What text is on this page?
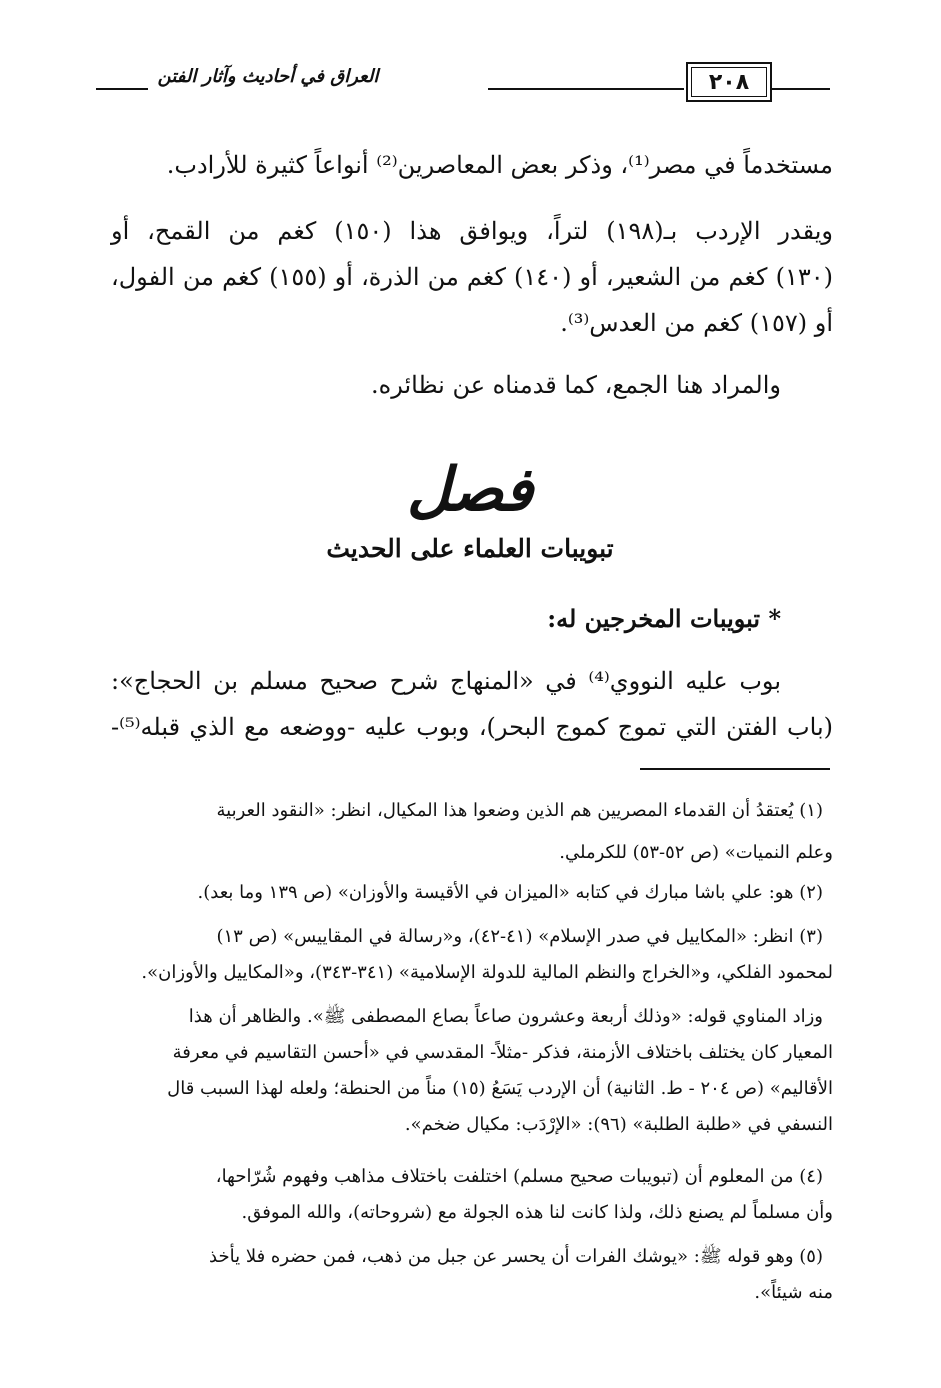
٢٠٨
العراق في أحاديث وآثار الفتن
مستخدماً في مصر⁽¹⁾، وذكر بعض المعاصرين⁽²⁾ أنواعاً كثيرة للأرادب.
ويقدر الإردب بـ(١٩٨) لتراً، ويوافق هذا (١٥٠) كغم من القمح، أو
(١٣٠) كغم من الشعير، أو (١٤٠) كغم من الذرة، أو (١٥٥) كغم من الفول،
أو (١٥٧) كغم من العدس⁽³⁾.
والمراد هنا الجمع، كما قدمناه عن نظائره.
فصل
تبويبات العلماء على الحديث
* تبويبات المخرجين له:
بوب عليه النووي⁽⁴⁾ في «المنهاج شرح صحيح مسلم بن الحجاج»:
(باب الفتن التي تموج كموج البحر)، وبوب عليه -ووضعه مع الذي قبله⁽⁵⁾-
(١) يُعتقدُ أن القدماء المصريين هم الذين وضعوا هذا المكيال، انظر: «النقود العربية
وعلم النميات» (ص ٥٢-٥٣) للكرملي.
(٢) هو: علي باشا مبارك في كتابه «الميزان في الأقيسة والأوزان» (ص ١٣٩ وما بعد).
(٣) انظر: «المكاييل في صدر الإسلام» (٤١-٤٢)، و«رسالة في المقاييس» (ص ١٣)
لمحمود الفلكي، و«الخراج والنظم المالية للدولة الإسلامية» (٣٤١-٣٤٣)، و«المكاييل والأوزان».
وزاد المناوي قوله: «وذلك أربعة وعشرون صاعاً بصاع المصطفى ﷺ». والظاهر أن هذا
المعيار كان يختلف باختلاف الأزمنة، فذكر -مثلاً- المقدسي في «أحسن التقاسيم في معرفة
الأقاليم» (ص ٢٠٤ - ط. الثانية) أن الإردب يَسَعُ (١٥) مناً من الحنطة؛ ولعله لهذا السبب قال
النسفي في «طلبة الطلبة» (٩٦): «الإرْدَب: مكيال ضخم».
(٤) من المعلوم أن (تبويبات صحيح مسلم) اختلفت باختلاف مذاهب وفهوم شُرّاحها،
وأن مسلماً لم يصنع ذلك، ولذا كانت لنا هذه الجولة مع (شروحاته)، والله الموفق.
(٥) وهو قوله ﷺ: «يوشك الفرات أن يحسر عن جبل من ذهب، فمن حضره فلا يأخذ
منه شيئاً».
